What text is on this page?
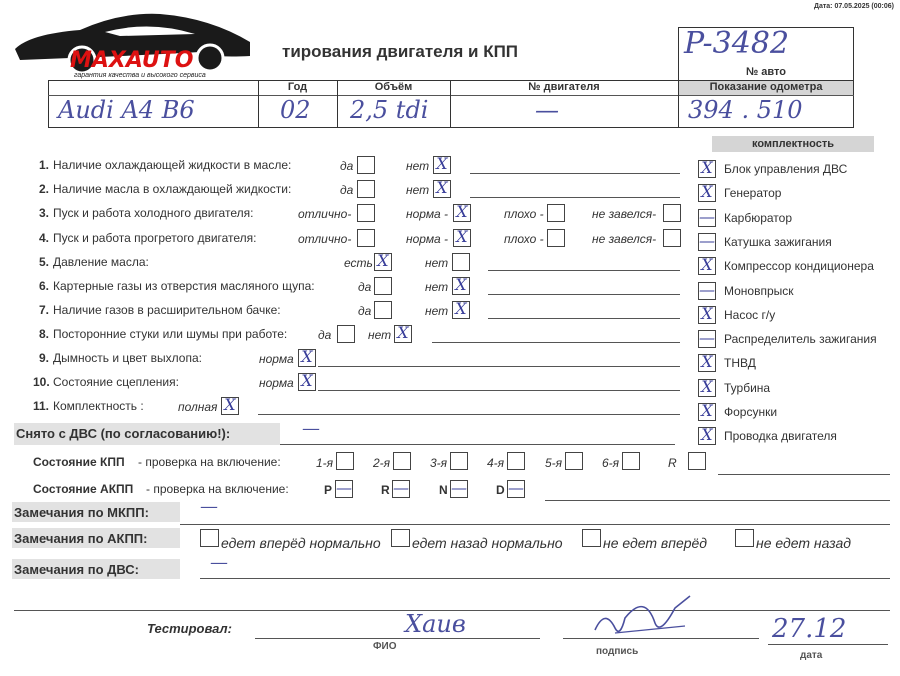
Дата: 07.05.2025 (00:06)
MAXAUTO
гарантия качества и высокого сервиса
тирования двигателя и КПП	P-3482
№ авто
Год	Объём	№ двигателя	Показание одометра
Audi A4 B6	02 2,5 tdi	—	394 . 510
комплектность
X Блок управления ДВС
X Генератор
— Карбюратор
— Катушка зажигания
X Компрессор кондиционера
— Моновпрыск
X Насос г/у
— Распределитель зажигания
X ТНВД
X Турбина
X Форсунки
X Проводка двигателя
1. Наличие охлаждающей жидкости в масле:	да	нет X
2. Наличие масла в охлаждающей жидкости:	да	нет X
3. Пуск и работа холодного двигателя:	отлично-	норма - X	плохо -	не завелся-
4. Пуск и работа прогретого двигателя:	отлично-	норма - X	плохо -	не завелся-
5. Давление масла:	есть X	нет
6. Картерные газы из отверстия масляного щупа:	да	нет X
7. Наличие газов в расширительном бачке:	да	нет X
8. Посторонние стуки или шумы при работе:	да	нет X
9. Дымность и цвет выхлопа:	норма X
10. Состояние сцепления:	норма X
11. Комплектность :	полная X
Снято с ДВС (по согласованию!):	—
Состояние КПП - проверка на включение:	1-я	2-я	3-я	4-я	5-я	6-я	R
Состояние АКПП - проверка на включение:	P — R —	N — D —
Замечания по МКПП:	—
Замечания по АКПП:	едет вперёд нормально едет назад нормально	не едет вперёд	не едет назад
Замечания по ДВС:	—
Тестировал:	Хаив	27.12
ФИО	подпись	дата
